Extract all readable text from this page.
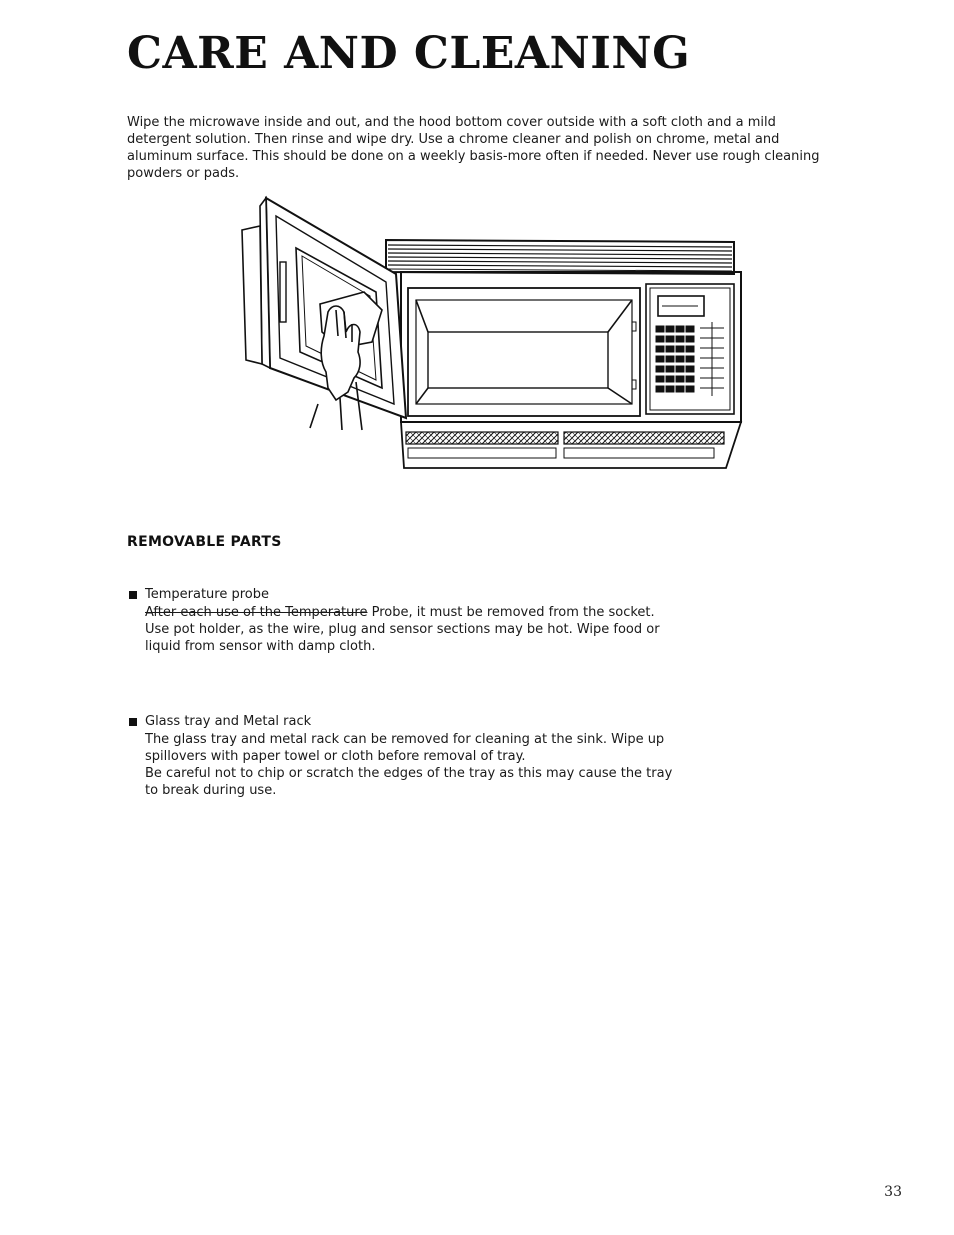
CARE AND CLEANING

Wipe the microwave inside and out, and the hood bottom cover outside with a soft cloth and a mild detergent solution. Then rinse and wipe dry. Use a chrome cleaner and polish on chrome, metal and aluminum surface. This should be done on a weekly basis-more often if needed. Never use rough cleaning powders or pads.

REMOVABLE PARTS
Temperature probe

After each use of the Temperature Probe, it must be removed from the socket.

Use pot holder, as the wire, plug and sensor sections may be hot. Wipe food or liquid from sensor with damp cloth.

Glass tray and Metal rack

The glass tray and metal rack can be removed for cleaning at the sink. Wipe up spillovers with paper towel or cloth before removal of tray.

Be careful not to chip or scratch the edges of the tray as this may cause the tray to break during use.

33
